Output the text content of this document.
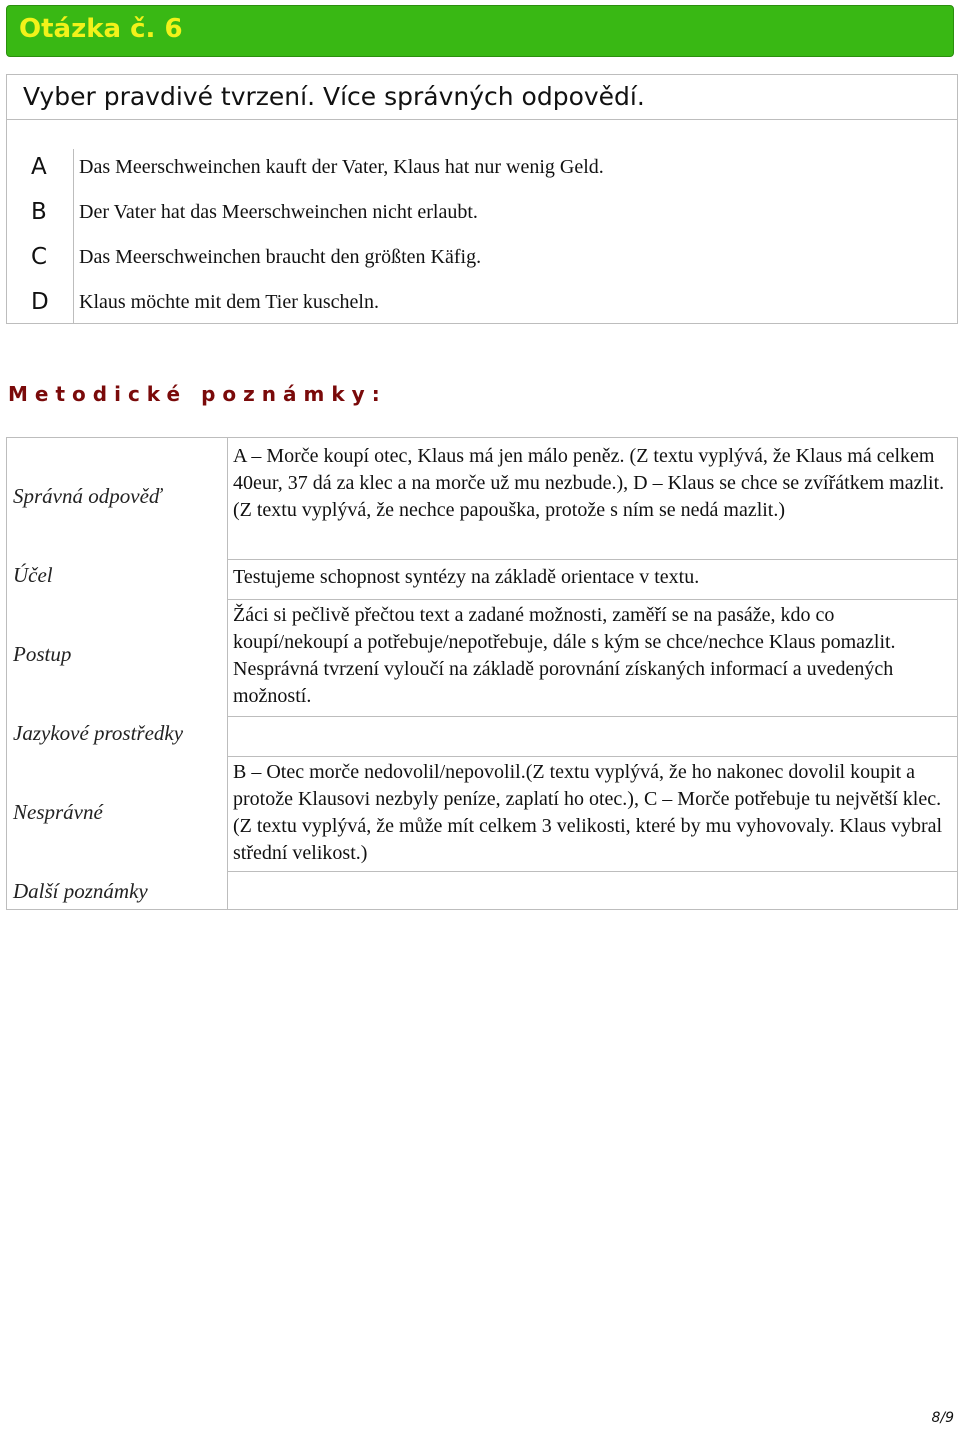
Otázka č. 6
Vyber pravdivé tvrzení. Více správných odpovědí.
A Das Meerschweinchen kauft der Vater, Klaus hat nur wenig Geld.
B Der Vater hat das Meerschweinchen nicht erlaubt.
C Das Meerschweinchen braucht den größten Käfig.
D Klaus möchte mit dem Tier kuscheln.
Metodické poznámky:
Správná odpověď
Účel
Postup
Jazykové prostředky
Nesprávné
Další poznámky
A – Morče koupí otec, Klaus má jen málo peněz. (Z textu vyplývá, že Klaus má celkem 40eur, 37 dá za klec a na morče už mu nezbude.), D – Klaus se chce se zvířátkem mazlit.(Z textu vyplývá, že nechce papouška, protože s ním se nedá mazlit.)
Testujeme schopnost syntézy na základě orientace v textu.
Žáci si pečlivě přečtou text a zadané možnosti, zaměří se na pasáže, kdo co koupí/nekoupí a potřebuje/nepotřebuje, dále s kým se chce/nechce Klaus pomazlit. Nesprávná tvrzení vyloučí na základě porovnání získaných informací a uvedených možností.
B – Otec morče nedovolil/nepovolil.(Z textu vyplývá, že ho nakonec dovolil koupit a protože Klausovi nezbyly peníze, zaplatí ho otec.), C – Morče potřebuje tu největší klec. (Z textu vyplývá, že může mít celkem 3 velikosti, které by mu vyhovovaly. Klaus vybral střední velikost.)
8/9
